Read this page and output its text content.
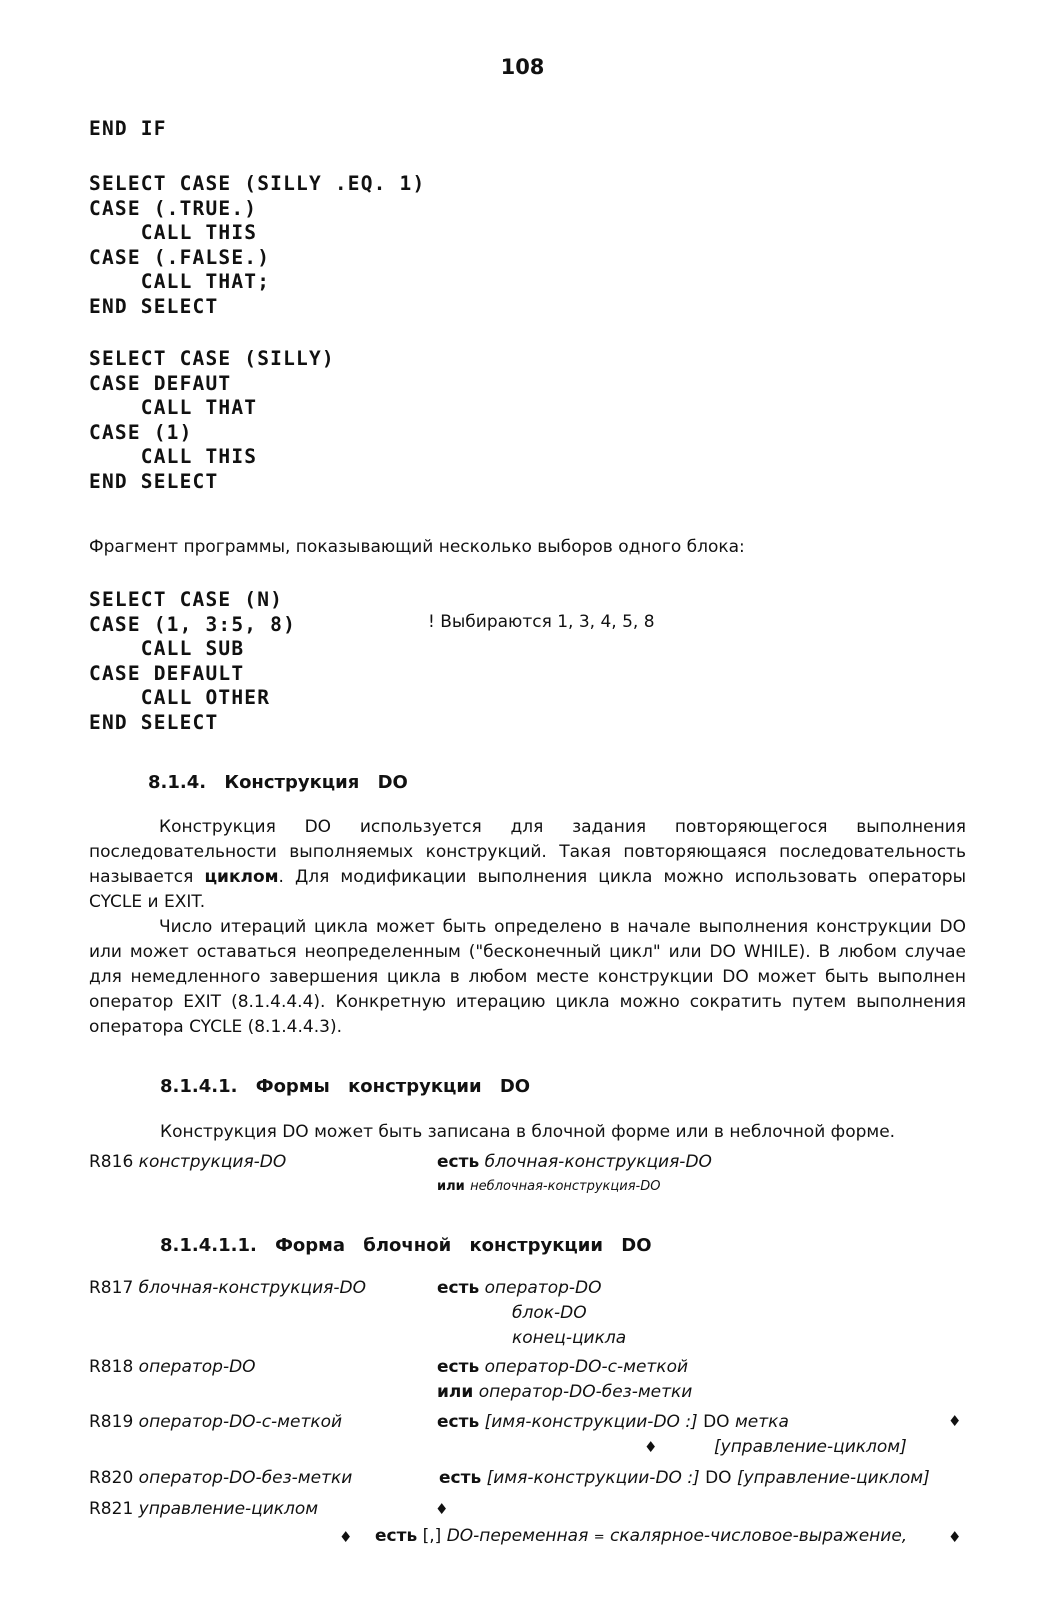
108
END IF
SELECT CASE (SILLY .EQ. 1)
CASE (.TRUE.)
CALL THIS
CASE (.FALSE.)
CALL THAT;
END SELECT
SELECT CASE (SILLY)
CASE DEFAUT
CALL THAT
CASE (1)
CALL THIS
END SELECT
Фрагмент программы, показывающий несколько выборов одного блока:
SELECT CASE (N)
CASE (1, 3:5, 8)
CALL SUB
CASE DEFAULT
CALL OTHER
END SELECT
! Выбираются 1, 3, 4, 5, 8
8.1.4. Конструкция DO
Конструкция DO используется для задания повторяющегося выполнения последовательности выполняемых конструкций. Такая повторяющаяся последовательность называется циклом. Для модификации выполнения цикла можно использовать операторы CYCLE и EXIT.
Число итераций цикла может быть определено в начале выполнения конструкции DO или может оставаться неопределенным ("бесконечный цикл" или DO WHILE). В любом случае для немедленного завершения цикла в любом месте конструкции DO может быть выполнен оператор EXIT (8.1.4.4.4). Конкретную итерацию цикла можно сократить путем выполнения оператора CYCLE (8.1.4.4.3).
8.1.4.1. Формы конструкции DO
Конструкция DO может быть записана в блочной форме или в неблочной форме.
R816 конструкция-DO	есть блочная-конструкция-DO
или неблочная-конструкция-DO
8.1.4.1.1. Форма блочной конструкции DO
R817 блочная-конструкция-DO	есть оператор-DO
блок-DO
конец-цикла
R818 оператор-DO	есть оператор-DO-с-меткой
или оператор-DO-без-метки
R819 оператор-DO-с-меткой	есть [имя-конструкции-DO :] DO метка	♦
♦	[управление-циклом]
R820 оператор-DO-без-метки	есть [имя-конструкции-DO :] DO [управление-циклом]
R821 управление-циклом	♦
♦ есть [,] DO-переменная = скалярное-числовое-выражение,	♦
